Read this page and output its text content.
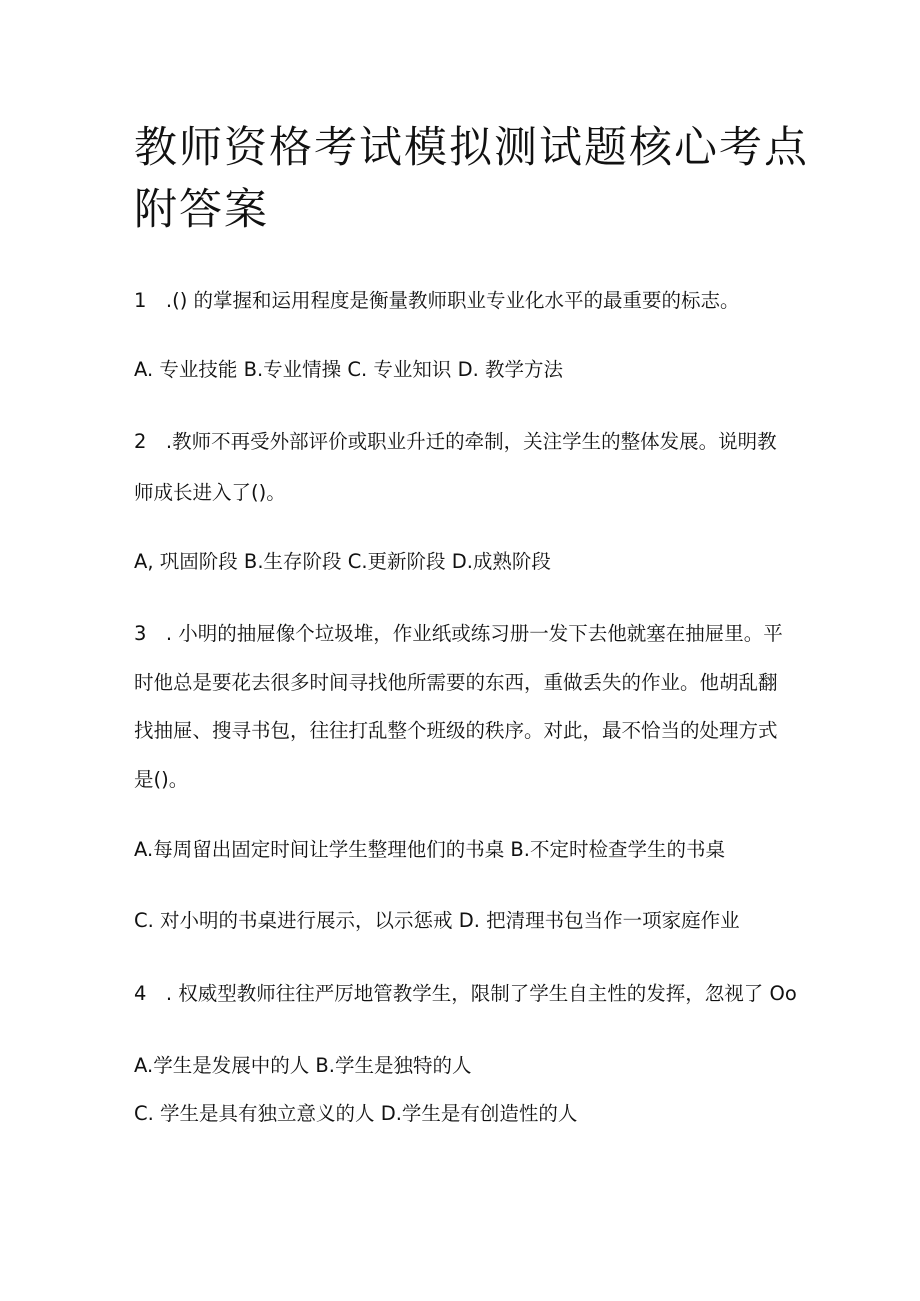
教师资格考试模拟测试题核心考点
附答案

1　.() 的掌握和运用程度是衡量教师职业专业化水平的最重要的标志。

A. 专业技能 B.专业情操 C. 专业知识 D. 教学方法

2　.教师不再受外部评价或职业升迁的牵制，关注学生的整体发展。说明教

师成长进入了()。

A, 巩固阶段 B.生存阶段 C.更新阶段 D.成熟阶段

3　. 小明的抽屉像个垃圾堆，作业纸或练习册一发下去他就塞在抽屉里。平

时他总是要花去很多时间寻找他所需要的东西，重做丢失的作业。他胡乱翻

找抽屉、搜寻书包，往往打乱整个班级的秩序。对此，最不恰当的处理方式

是()。

A.每周留出固定时间让学生整理他们的书桌 B.不定时检查学生的书桌

C. 对小明的书桌进行展示，以示惩戒 D. 把清理书包当作一项家庭作业

4　. 权威型教师往往严厉地管教学生，限制了学生自主性的发挥，忽视了 Oo

A.学生是发展中的人 B.学生是独特的人

C. 学生是具有独立意义的人 D.学生是有创造性的人
